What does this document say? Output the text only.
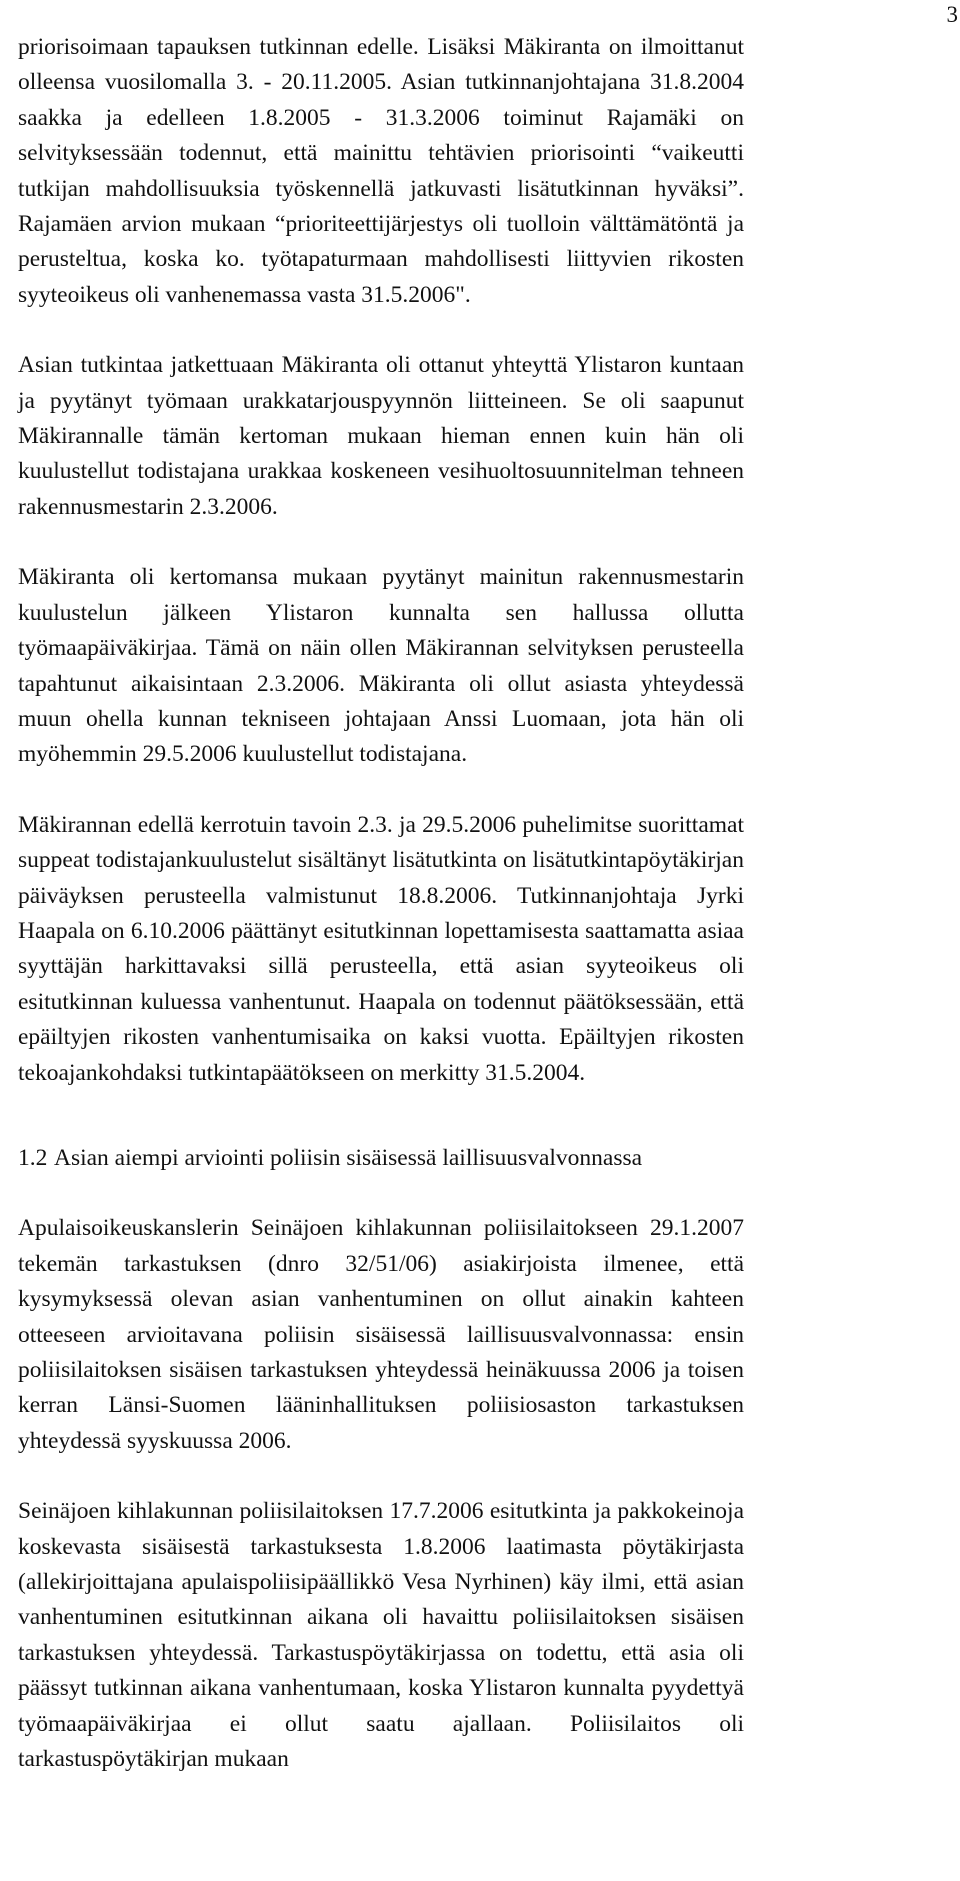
3

priorisoimaan tapauksen tutkinnan edelle. Lisäksi Mäkiranta on ilmoittanut olleensa vuosilomalla 3. - 20.11.2005. Asian tutkinnanjohtajana 31.8.2004 saakka ja edelleen 1.8.2005 - 31.3.2006 toiminut Rajamäki on selvityksessään todennut, että mainittu tehtävien priorisointi “vaikeutti tutkijan mahdollisuuksia työskennellä jatkuvasti lisätutkinnan hyväksi”. Rajamäen arvion mukaan “prioriteettijärjestys oli tuolloin välttämätöntä ja perusteltua, koska ko. työtapaturmaan mahdollisesti liittyvien rikosten syyteoikeus oli vanhenemassa vasta 31.5.2006".

Asian tutkintaa jatkettuaan Mäkiranta oli ottanut yhteyttä Ylistaron kuntaan ja pyytänyt työmaan urakkatarjouspyynnön liitteineen. Se oli saapunut Mäkirannalle tämän kertoman mukaan hieman ennen kuin hän oli kuulustellut todistajana urakkaa koskeneen vesihuoltosuunnitelman tehneen rakennusmestarin 2.3.2006.

Mäkiranta oli kertomansa mukaan pyytänyt mainitun rakennusmestarin kuulustelun jälkeen Ylistaron kunnalta sen hallussa ollutta työmaapäiväkirjaa. Tämä on näin ollen Mäkirannan selvityksen perusteella tapahtunut aikaisintaan 2.3.2006. Mäkiranta oli ollut asiasta yhteydessä muun ohella kunnan tekniseen johtajaan Anssi Luomaan, jota hän oli myöhemmin 29.5.2006 kuulustellut todistajana.

Mäkirannan edellä kerrotuin tavoin 2.3. ja 29.5.2006 puhelimitse suorittamat suppeat todistajankuulustelut sisältänyt lisätutkinta on lisätutkintapöytäkirjan päiväyksen perusteella valmistunut 18.8.2006. Tutkinnanjohtaja Jyrki Haapala on 6.10.2006 päättänyt esitutkinnan lopettamisesta saattamatta asiaa syyttäjän harkittavaksi sillä perusteella, että asian syyteoikeus oli esitutkinnan kuluessa vanhentunut. Haapala on todennut päätöksessään, että epäiltyjen rikosten vanhentumisaika on kaksi vuotta. Epäiltyjen rikosten tekoajankohdaksi tutkintapäätökseen on merkitty 31.5.2004.

1.2 Asian aiempi arviointi poliisin sisäisessä laillisuusvalvonnassa

Apulaisoikeuskanslerin Seinäjoen kihlakunnan poliisilaitokseen 29.1.2007 tekemän tarkastuksen (dnro 32/51/06) asiakirjoista ilmenee, että kysymyksessä olevan asian vanhentuminen on ollut ainakin kahteen otteeseen arvioitavana poliisin sisäisessä laillisuusvalvonnassa: ensin poliisilaitoksen sisäisen tarkastuksen yhteydessä heinäkuussa 2006 ja toisen kerran Länsi-Suomen lääninhallituksen poliisiosaston tarkastuksen yhteydessä syyskuussa 2006.

Seinäjoen kihlakunnan poliisilaitoksen 17.7.2006 esitutkinta ja pakkokeinoja koskevasta sisäisestä tarkastuksesta 1.8.2006 laatimasta pöytäkirjasta (allekirjoittajana apulaispoliisipäällikkö Vesa Nyrhinen) käy ilmi, että asian vanhentuminen esitutkinnan aikana oli havaittu poliisilaitoksen sisäisen tarkastuksen yhteydessä. Tarkastuspöytäkirjassa on todettu, että asia oli päässyt tutkinnan aikana vanhentumaan, koska Ylistaron kunnalta pyydettyä työmaapäiväkirjaa ei ollut saatu ajallaan. Poliisilaitos oli tarkastuspöytäkirjan mukaan
